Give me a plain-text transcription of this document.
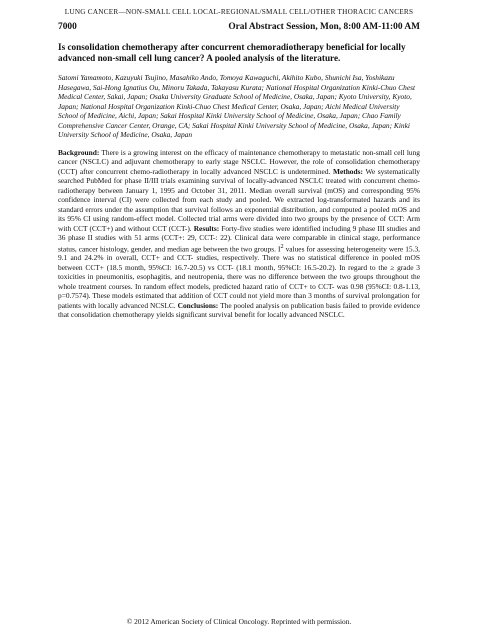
LUNG CANCER—NON-SMALL CELL LOCAL-REGIONAL/SMALL CELL/OTHER THORACIC CANCERS
7000	Oral Abstract Session, Mon, 8:00 AM-11:00 AM
Is consolidation chemotherapy after concurrent chemoradiotherapy beneficial for locally advanced non-small cell lung cancer? A pooled analysis of the literature.
Satomi Yamamoto, Kazuyuki Tsujino, Masahiko Ando, Tomoya Kawaguchi, Akihito Kubo, Shunichi Isa, Yoshikazu Hasegawa, Sai-Hong Ignatius Ou, Minoru Takada, Takayasu Kurata; National Hospital Organization Kinki-Chuo Chest Medical Center, Sakai, Japan; Osaka University Graduate School of Medicine, Osaka, Japan; Kyoto University, Kyoto, Japan; National Hospital Organization Kinki-Chuo Chest Medical Center, Osaka, Japan; Aichi Medical University School of Medicine, Aichi, Japan; Sakai Hospital Kinki University School of Medicine, Osaka, Japan; Chao Family Comprehensive Cancer Center, Orange, CA; Sakai Hospital Kinki University School of Medicine, Osaka, Japan; Kinki University School of Medicine, Osaka, Japan
Background: There is a growing interest on the efficacy of maintenance chemotherapy to metastatic non-small cell lung cancer (NSCLC) and adjuvant chemotherapy to early stage NSCLC. However, the role of consolidation chemotherapy (CCT) after concurrent chemo-radiotherapy in locally advanced NSCLC is undetermined. Methods: We systematically searched PubMed for phase II/III trials examining survival of locally-advanced NSCLC treated with concurrent chemo-radiotherapy between January 1, 1995 and October 31, 2011. Median overall survival (mOS) and corresponding 95% confidence interval (CI) were collected from each study and pooled. We extracted log-transformated hazards and its standard errors under the assumption that survival follows an exponential distribution, and computed a pooled mOS and its 95% CI using random-effect model. Collected trial arms were divided into two groups by the presence of CCT: Arm with CCT (CCT+) and without CCT (CCT-). Results: Forty-five studies were identified including 9 phase III studies and 36 phase II studies with 51 arms (CCT+: 29, CCT-: 22). Clinical data were comparable in clinical stage, performance status, cancer histology, gender, and median age between the two groups. $I^2$ values for assessing heterogeneity were 15.3, 9.1 and 24.2% in overall, CCT+ and CCT- studies, respectively. There was no statistical difference in pooled mOS between CCT+ (18.5 month, 95%CI: 16.7-20.5) vs CCT- (18.1 month, 95%CI: 16.5-20.2). In regard to the ≥ grade 3 toxicities in pneumonitis, esophagitis, and neutropenia, there was no difference between the two groups throughout the whole treatment courses. In random effect models, predicted hazard ratio of CCT+ to CCT- was 0.98 (95%CI: 0.8-1.13, p=0.7574). These models estimated that addition of CCT could not yield more than 3 months of survival prolongation for patients with locally advanced NCSLC. Conclusions: The pooled analysis on publication basis failed to provide evidence that consolidation chemotherapy yields significant survival benefit for locally advanced NSCLC.
© 2012 American Society of Clinical Oncology. Reprinted with permission.
